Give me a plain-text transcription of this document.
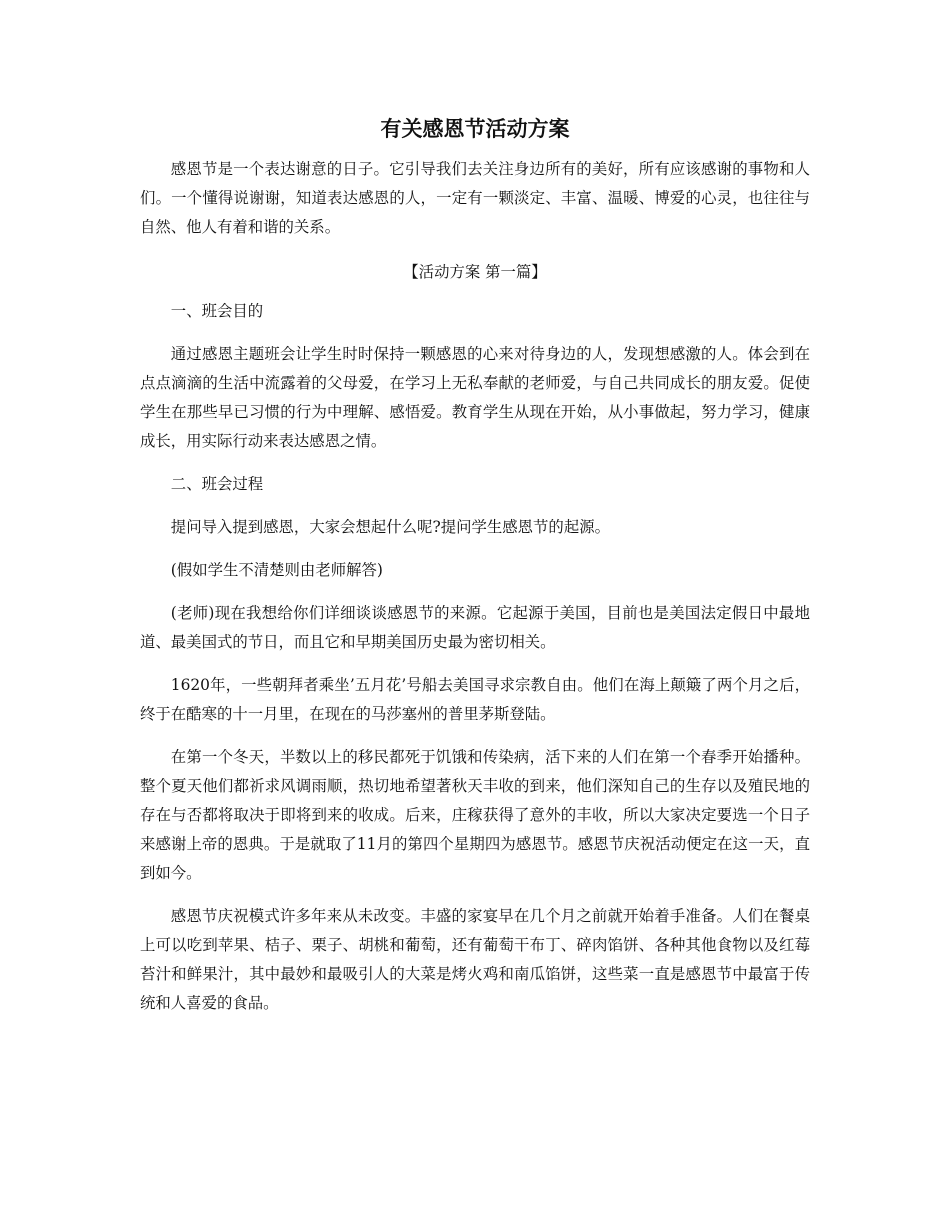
有关感恩节活动方案

感恩节是一个表达谢意的日子。它引导我们去关注身边所有的美好，所有应该感谢的事物和人们。一个懂得说谢谢，知道表达感恩的人，一定有一颗淡定、丰富、温暖、博爱的心灵，也往往与自然、他人有着和谐的关系。

【活动方案 第一篇】

一、班会目的

通过感恩主题班会让学生时时保持一颗感恩的心来对待身边的人，发现想感激的人。体会到在点点滴滴的生活中流露着的父母爱，在学习上无私奉献的老师爱，与自己共同成长的朋友爱。促使学生在那些早已习惯的行为中理解、感悟爱。教育学生从现在开始，从小事做起，努力学习，健康成长，用实际行动来表达感恩之情。

二、班会过程

提问导入提到感恩，大家会想起什么呢?提问学生感恩节的起源。

(假如学生不清楚则由老师解答)

(老师)现在我想给你们详细谈谈感恩节的来源。它起源于美国，目前也是美国法定假日中最地道、最美国式的节日，而且它和早期美国历史最为密切相关。

1620年，一些朝拜者乘坐’五月花’号船去美国寻求宗教自由。他们在海上颠簸了两个月之后，终于在酷寒的十一月里，在现在的马莎塞州的普里茅斯登陆。

在第一个冬天，半数以上的移民都死于饥饿和传染病，活下来的人们在第一个春季开始播种。整个夏天他们都祈求风调雨顺，热切地希望著秋天丰收的到来，他们深知自己的生存以及殖民地的存在与否都将取决于即将到来的收成。后来，庄稼获得了意外的丰收，所以大家决定要选一个日子来感谢上帝的恩典。于是就取了11月的第四个星期四为感恩节。感恩节庆祝活动便定在这一天，直到如今。

感恩节庆祝模式许多年来从未改变。丰盛的家宴早在几个月之前就开始着手准备。人们在餐桌上可以吃到苹果、桔子、栗子、胡桃和葡萄，还有葡萄干布丁、碎肉馅饼、各种其他食物以及红莓苔汁和鲜果汁，其中最妙和最吸引人的大菜是烤火鸡和南瓜馅饼，这些菜一直是感恩节中最富于传统和人喜爱的食品。
